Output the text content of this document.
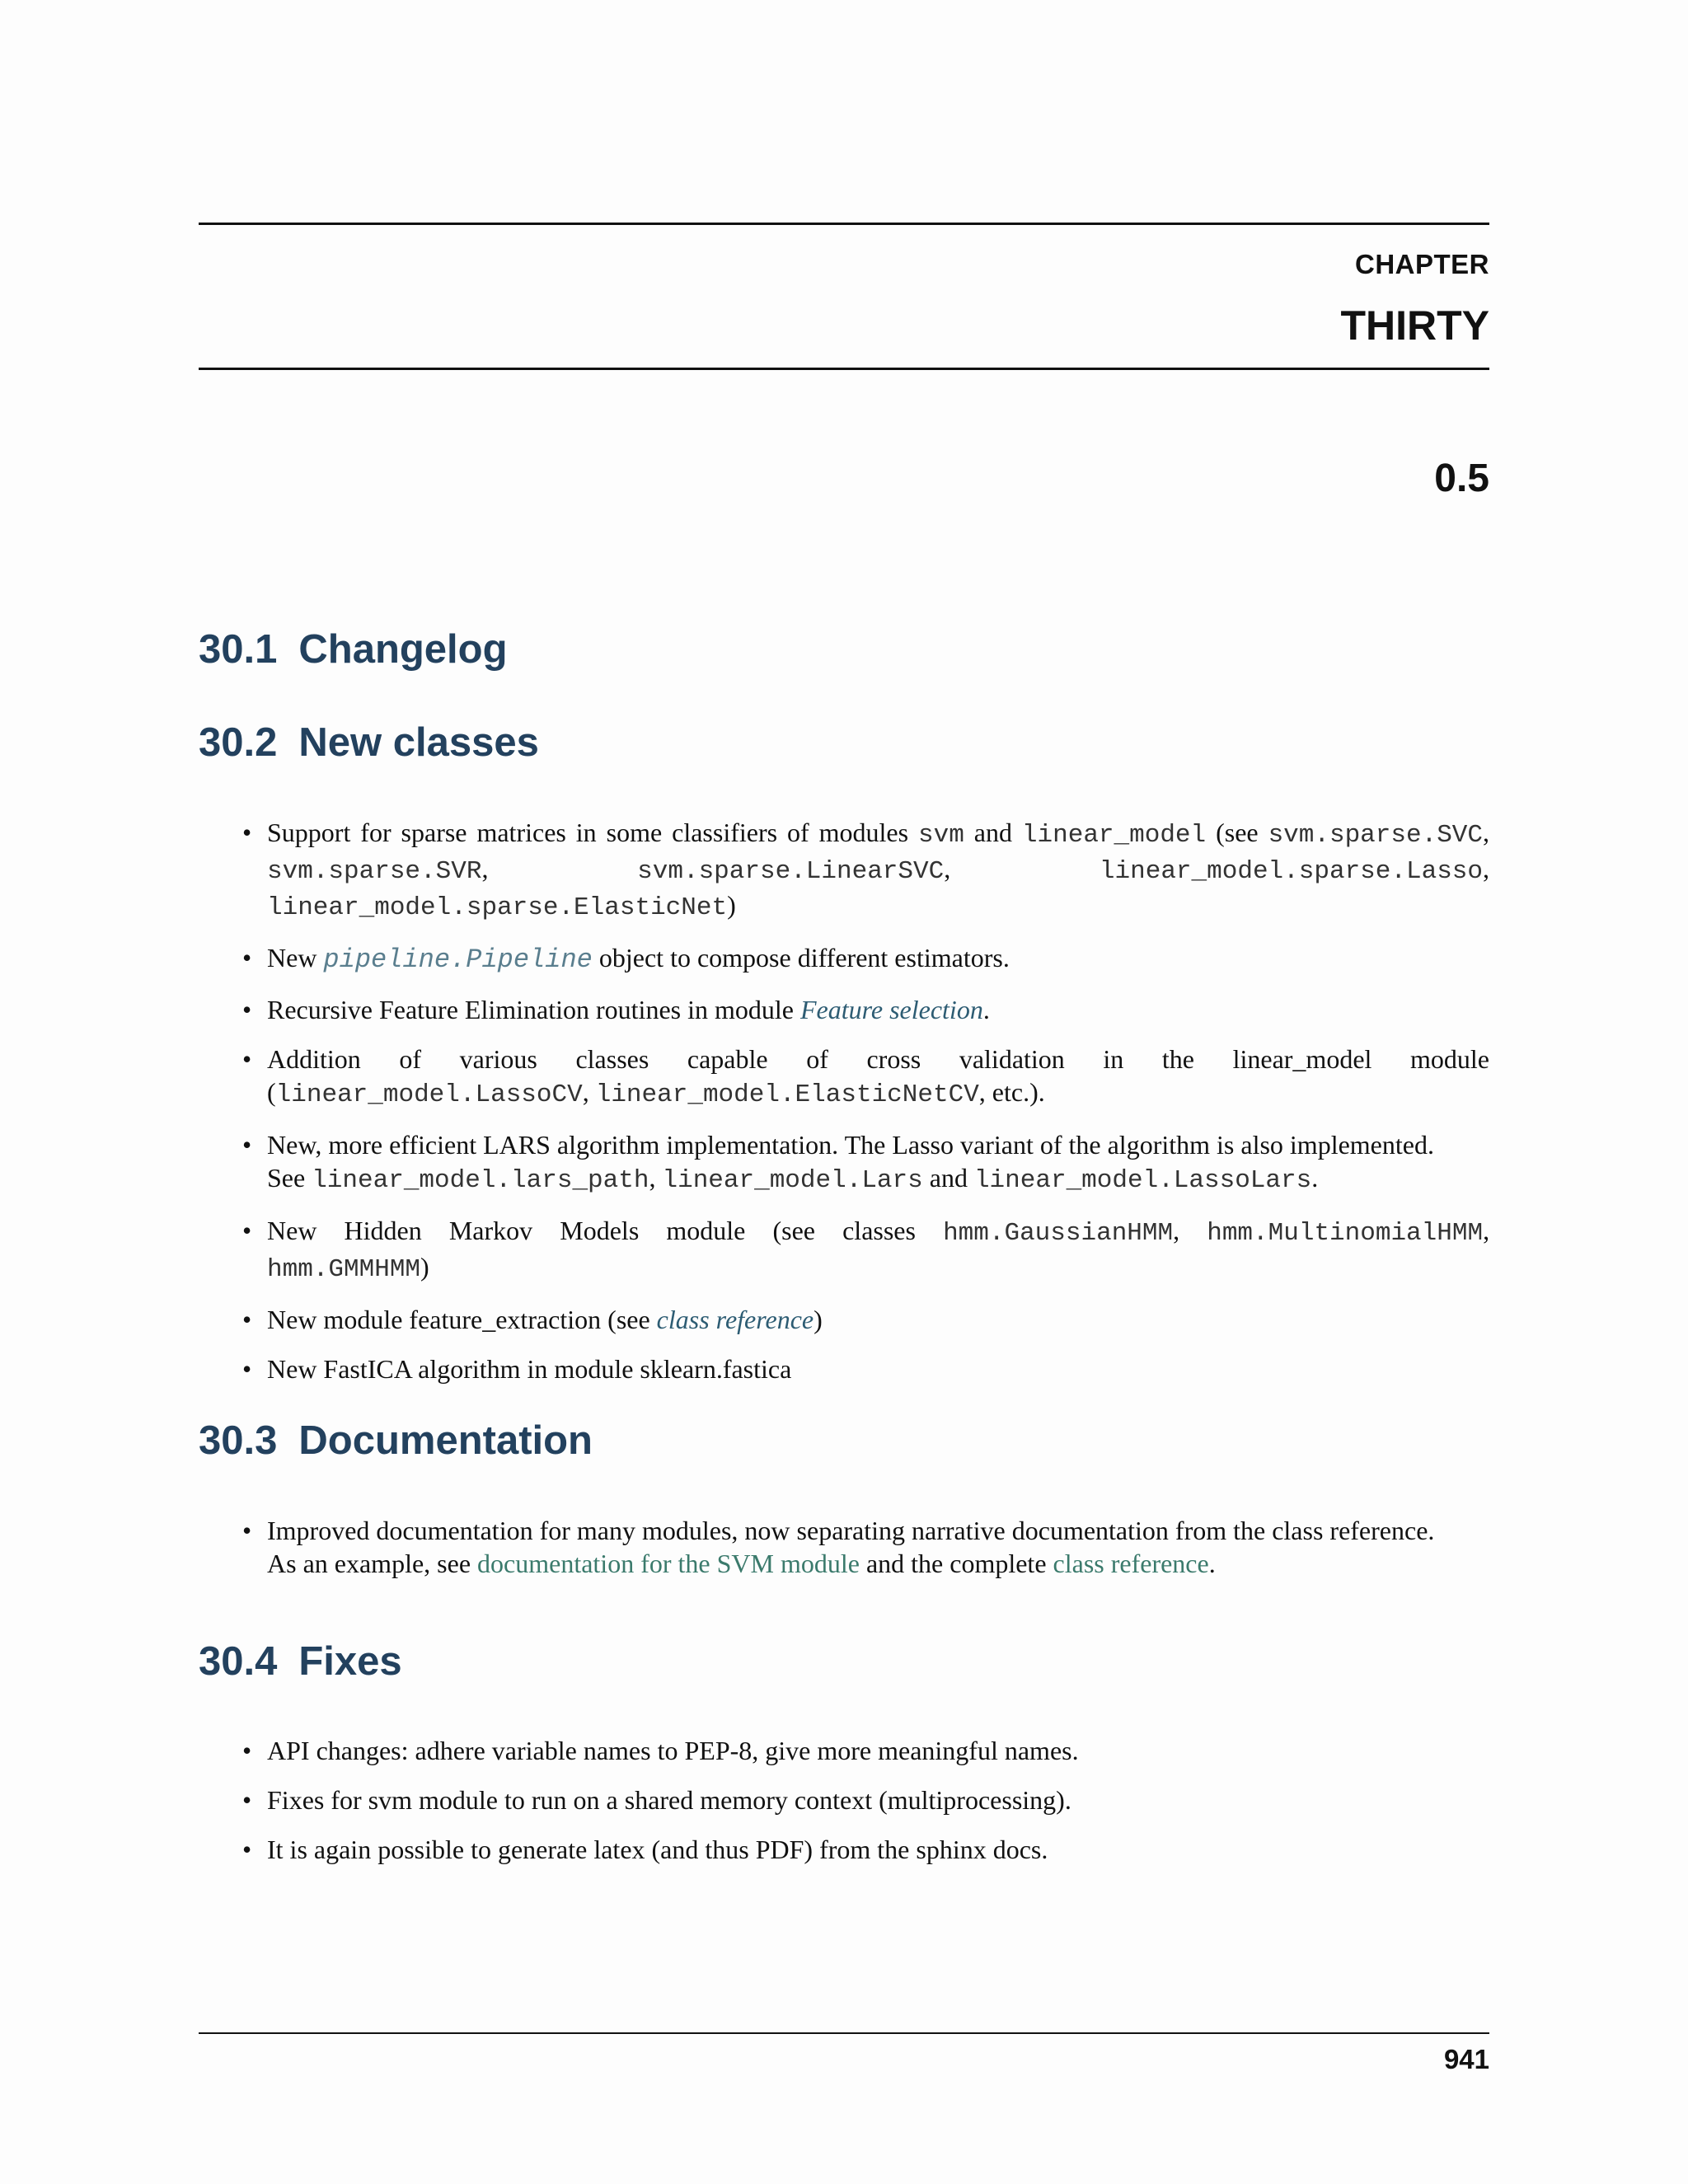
CHAPTER
THIRTY
0.5
30.1 Changelog
30.2 New classes
• Support for sparse matrices in some classifiers of modules svm and linear_model (see svm.sparse.SVC,
svm.sparse.SVR,	svm.sparse.LinearSVC,	linear_model.sparse.Lasso,
linear_model.sparse.ElasticNet)
• New pipeline.Pipeline object to compose different estimators.
• Recursive Feature Elimination routines in module Feature selection.
• Addition of various classes capable of cross validation in the linear_model module
(linear_model.LassoCV, linear_model.ElasticNetCV, etc.).
• New, more efficient LARS algorithm implementation. The Lasso variant of the algorithm is also implemented.
See linear_model.lars_path, linear_model.Lars and linear_model.LassoLars.
• New Hidden Markov Models module (see classes hmm.GaussianHMM, hmm.MultinomialHMM,
hmm.GMMHMM)
• New module feature_extraction (see class reference)
• New FastICA algorithm in module sklearn.fastica
30.3 Documentation
• Improved documentation for many modules, now separating narrative documentation from the class reference.
As an example, see documentation for the SVM module and the complete class reference.
30.4 Fixes
• API changes: adhere variable names to PEP-8, give more meaningful names.
• Fixes for svm module to run on a shared memory context (multiprocessing).
• It is again possible to generate latex (and thus PDF) from the sphinx docs.
941
